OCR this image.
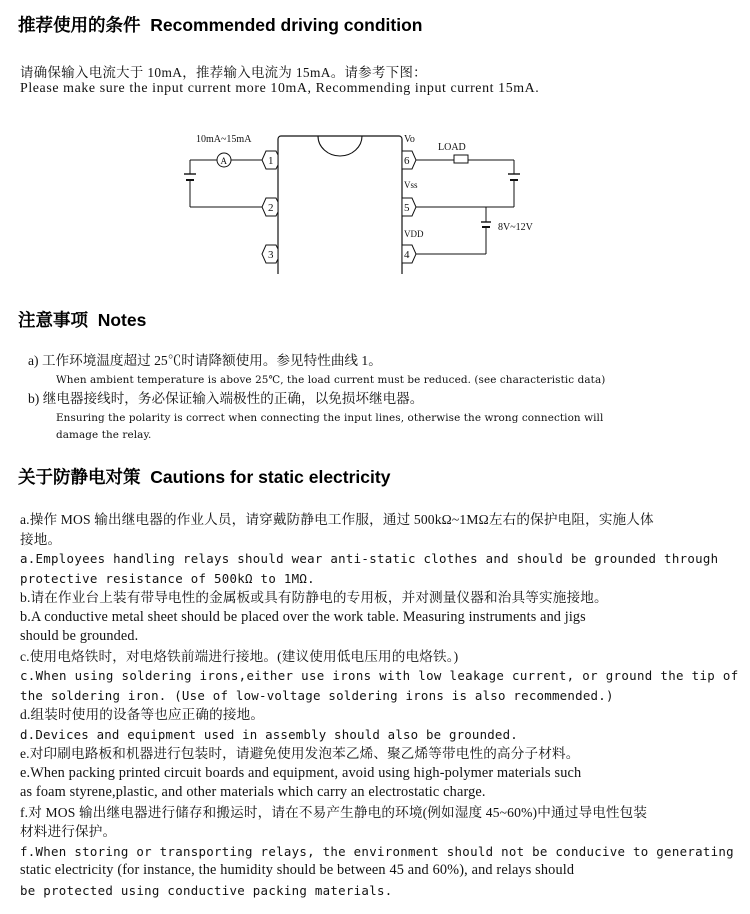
推荐使用的条件 Recommended driving condition
请确保输入电流大于 10mA，推荐输入电流为 15mA。请参考下图：
Please make sure the input current more 10mA, Recommending input current 15mA.
1
2
3
6
5
4
Vo
Vss
VDD
10mA~15mA
A
LOAD
8V~12V
注意事项 Notes
a) 工作环境温度超过 25℃时请降额使用。参见特性曲线 1。
When ambient temperature is above 25℃, the load current must be reduced. (see characteristic data)
b) 继电器接线时，务必保证输入端极性的正确，以免损坏继电器。
Ensuring the polarity is correct when connecting the input lines, otherwise the wrong connection will
damage the relay.
关于防静电对策 Cautions for static electricity
a.操作 MOS 输出继电器的作业人员，请穿戴防静电工作服，通过 500kΩ~1MΩ左右的保护电阻，实施人体
接地。
a.Employees handling relays should wear anti-static clothes and should be grounded through
protective resistance of 500kΩ to 1MΩ.
b.请在作业台上装有带导电性的金属板或具有防静电的专用板，并对测量仪器和治具等实施接地。
b.A conductive metal sheet should be placed over the work table. Measuring instruments and jigs
should be grounded.
c.使用电烙铁时，对电烙铁前端进行接地。(建议使用低电压用的电烙铁。)
c.When using soldering irons,either use irons with low leakage current, or ground the tip of
the soldering iron. (Use of low-voltage soldering irons is also recommended.)
d.组装时使用的设备等也应正确的接地。
d.Devices and equipment used in assembly should also be grounded.
e.对印刷电路板和机器进行包装时，请避免使用发泡苯乙烯、聚乙烯等带电性的高分子材料。
e.When packing printed circuit boards and equipment, avoid using high-polymer materials such
as foam styrene,plastic, and other materials which carry an electrostatic charge.
f.对 MOS 输出继电器进行储存和搬运时，请在不易产生静电的环境(例如湿度 45~60%)中通过导电性包装
材料进行保护。
f.When storing or transporting relays, the environment should not be conducive to generating
static electricity (for instance, the humidity should be between 45 and 60%), and relays should
be protected using conductive packing materials.
